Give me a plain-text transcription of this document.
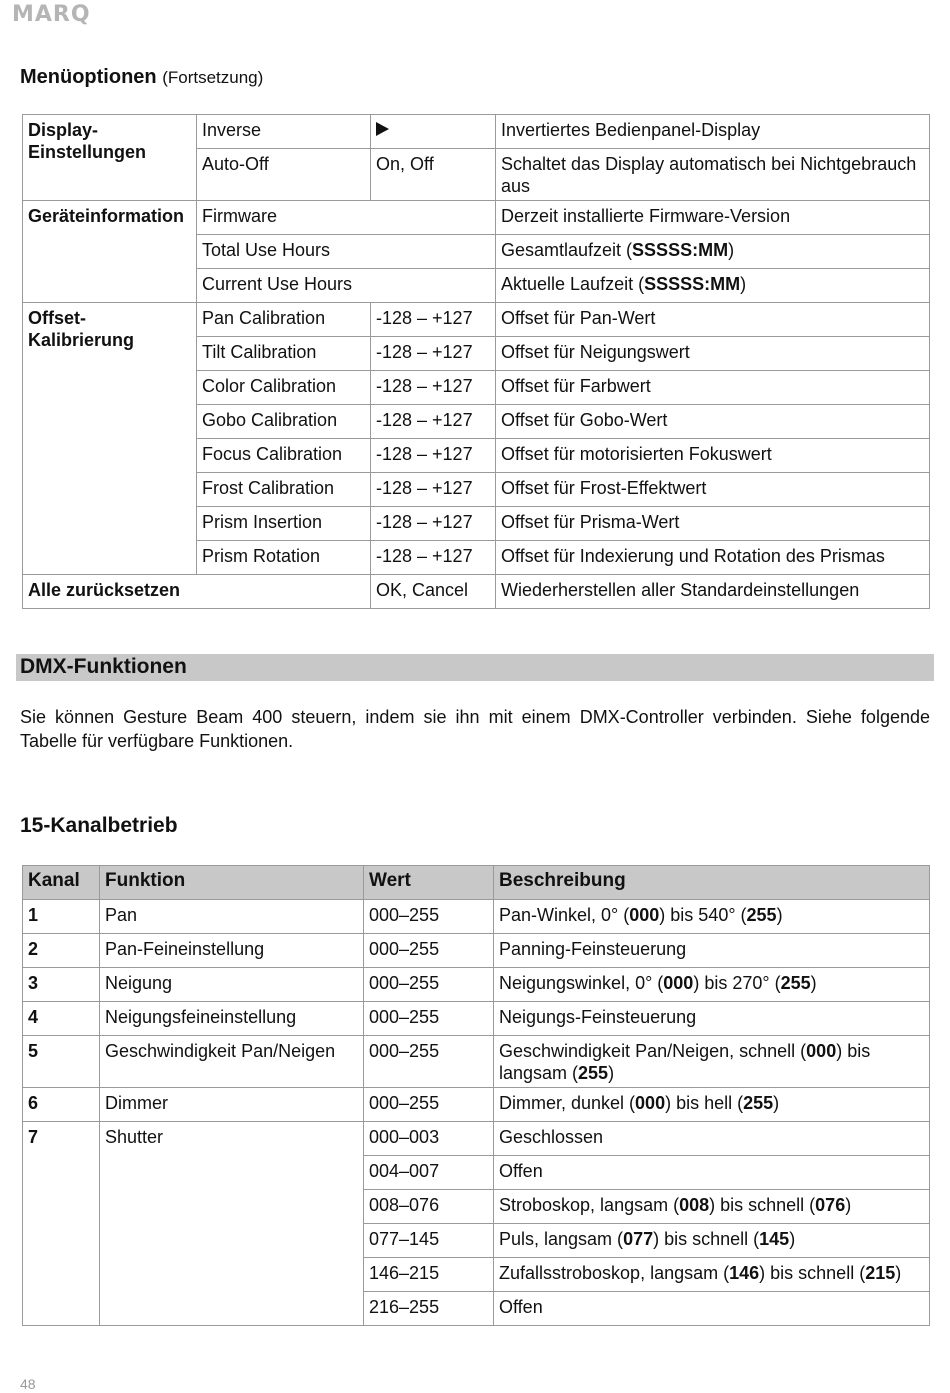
MARQ
Menüoptionen (Fortsetzung)
Display-
Einstellungen	Inverse		Invertiertes Bedienpanel-Display
	Auto-Off	On, Off	Schaltet das Display automatisch bei Nichtgebrauch aus
Geräteinformation	Firmware		Derzeit installierte Firmware-Version
	Total Use Hours		Gesamtlaufzeit (SSSSS:MM)
	Current Use Hours		Aktuelle Laufzeit (SSSSS:MM)
Offset-
Kalibrierung	Pan Calibration	-128 – +127	Offset für Pan-Wert
	Tilt Calibration	-128 – +127	Offset für Neigungswert
	Color Calibration	-128 – +127	Offset für Farbwert
	Gobo Calibration	-128 – +127	Offset für Gobo-Wert
	Focus Calibration	-128 – +127	Offset für motorisierten Fokuswert
	Frost Calibration	-128 – +127	Offset für Frost-Effektwert
	Prism Insertion	-128 – +127	Offset für Prisma-Wert
	Prism Rotation	-128 – +127	Offset für Indexierung und Rotation des Prismas
Alle zurücksetzen		OK, Cancel	Wiederherstellen aller Standardeinstellungen
DMX-Funktionen
Sie können Gesture Beam 400 steuern, indem sie ihn mit einem DMX-Controller verbinden. Siehe folgende Tabelle für verfügbare Funktionen.
15-Kanalbetrieb
Kanal	Funktion	Wert	Beschreibung
1	Pan	000–255	Pan-Winkel, 0° (000) bis 540° (255)
2	Pan-Feineinstellung	000–255	Panning-Feinsteuerung
3	Neigung	000–255	Neigungswinkel, 0° (000) bis 270° (255)
4	Neigungsfeineinstellung	000–255	Neigungs-Feinsteuerung
5	Geschwindigkeit Pan/Neigen	000–255	Geschwindigkeit Pan/Neigen, schnell (000) bis langsam (255)
6	Dimmer	000–255	Dimmer, dunkel (000) bis hell (255)
7	Shutter	000–003	Geschlossen
		004–007	Offen
		008–076	Stroboskop, langsam (008) bis schnell (076)
		077–145	Puls, langsam (077) bis schnell (145)
		146–215	Zufallsstroboskop, langsam (146) bis schnell (215)
		216–255	Offen
48
